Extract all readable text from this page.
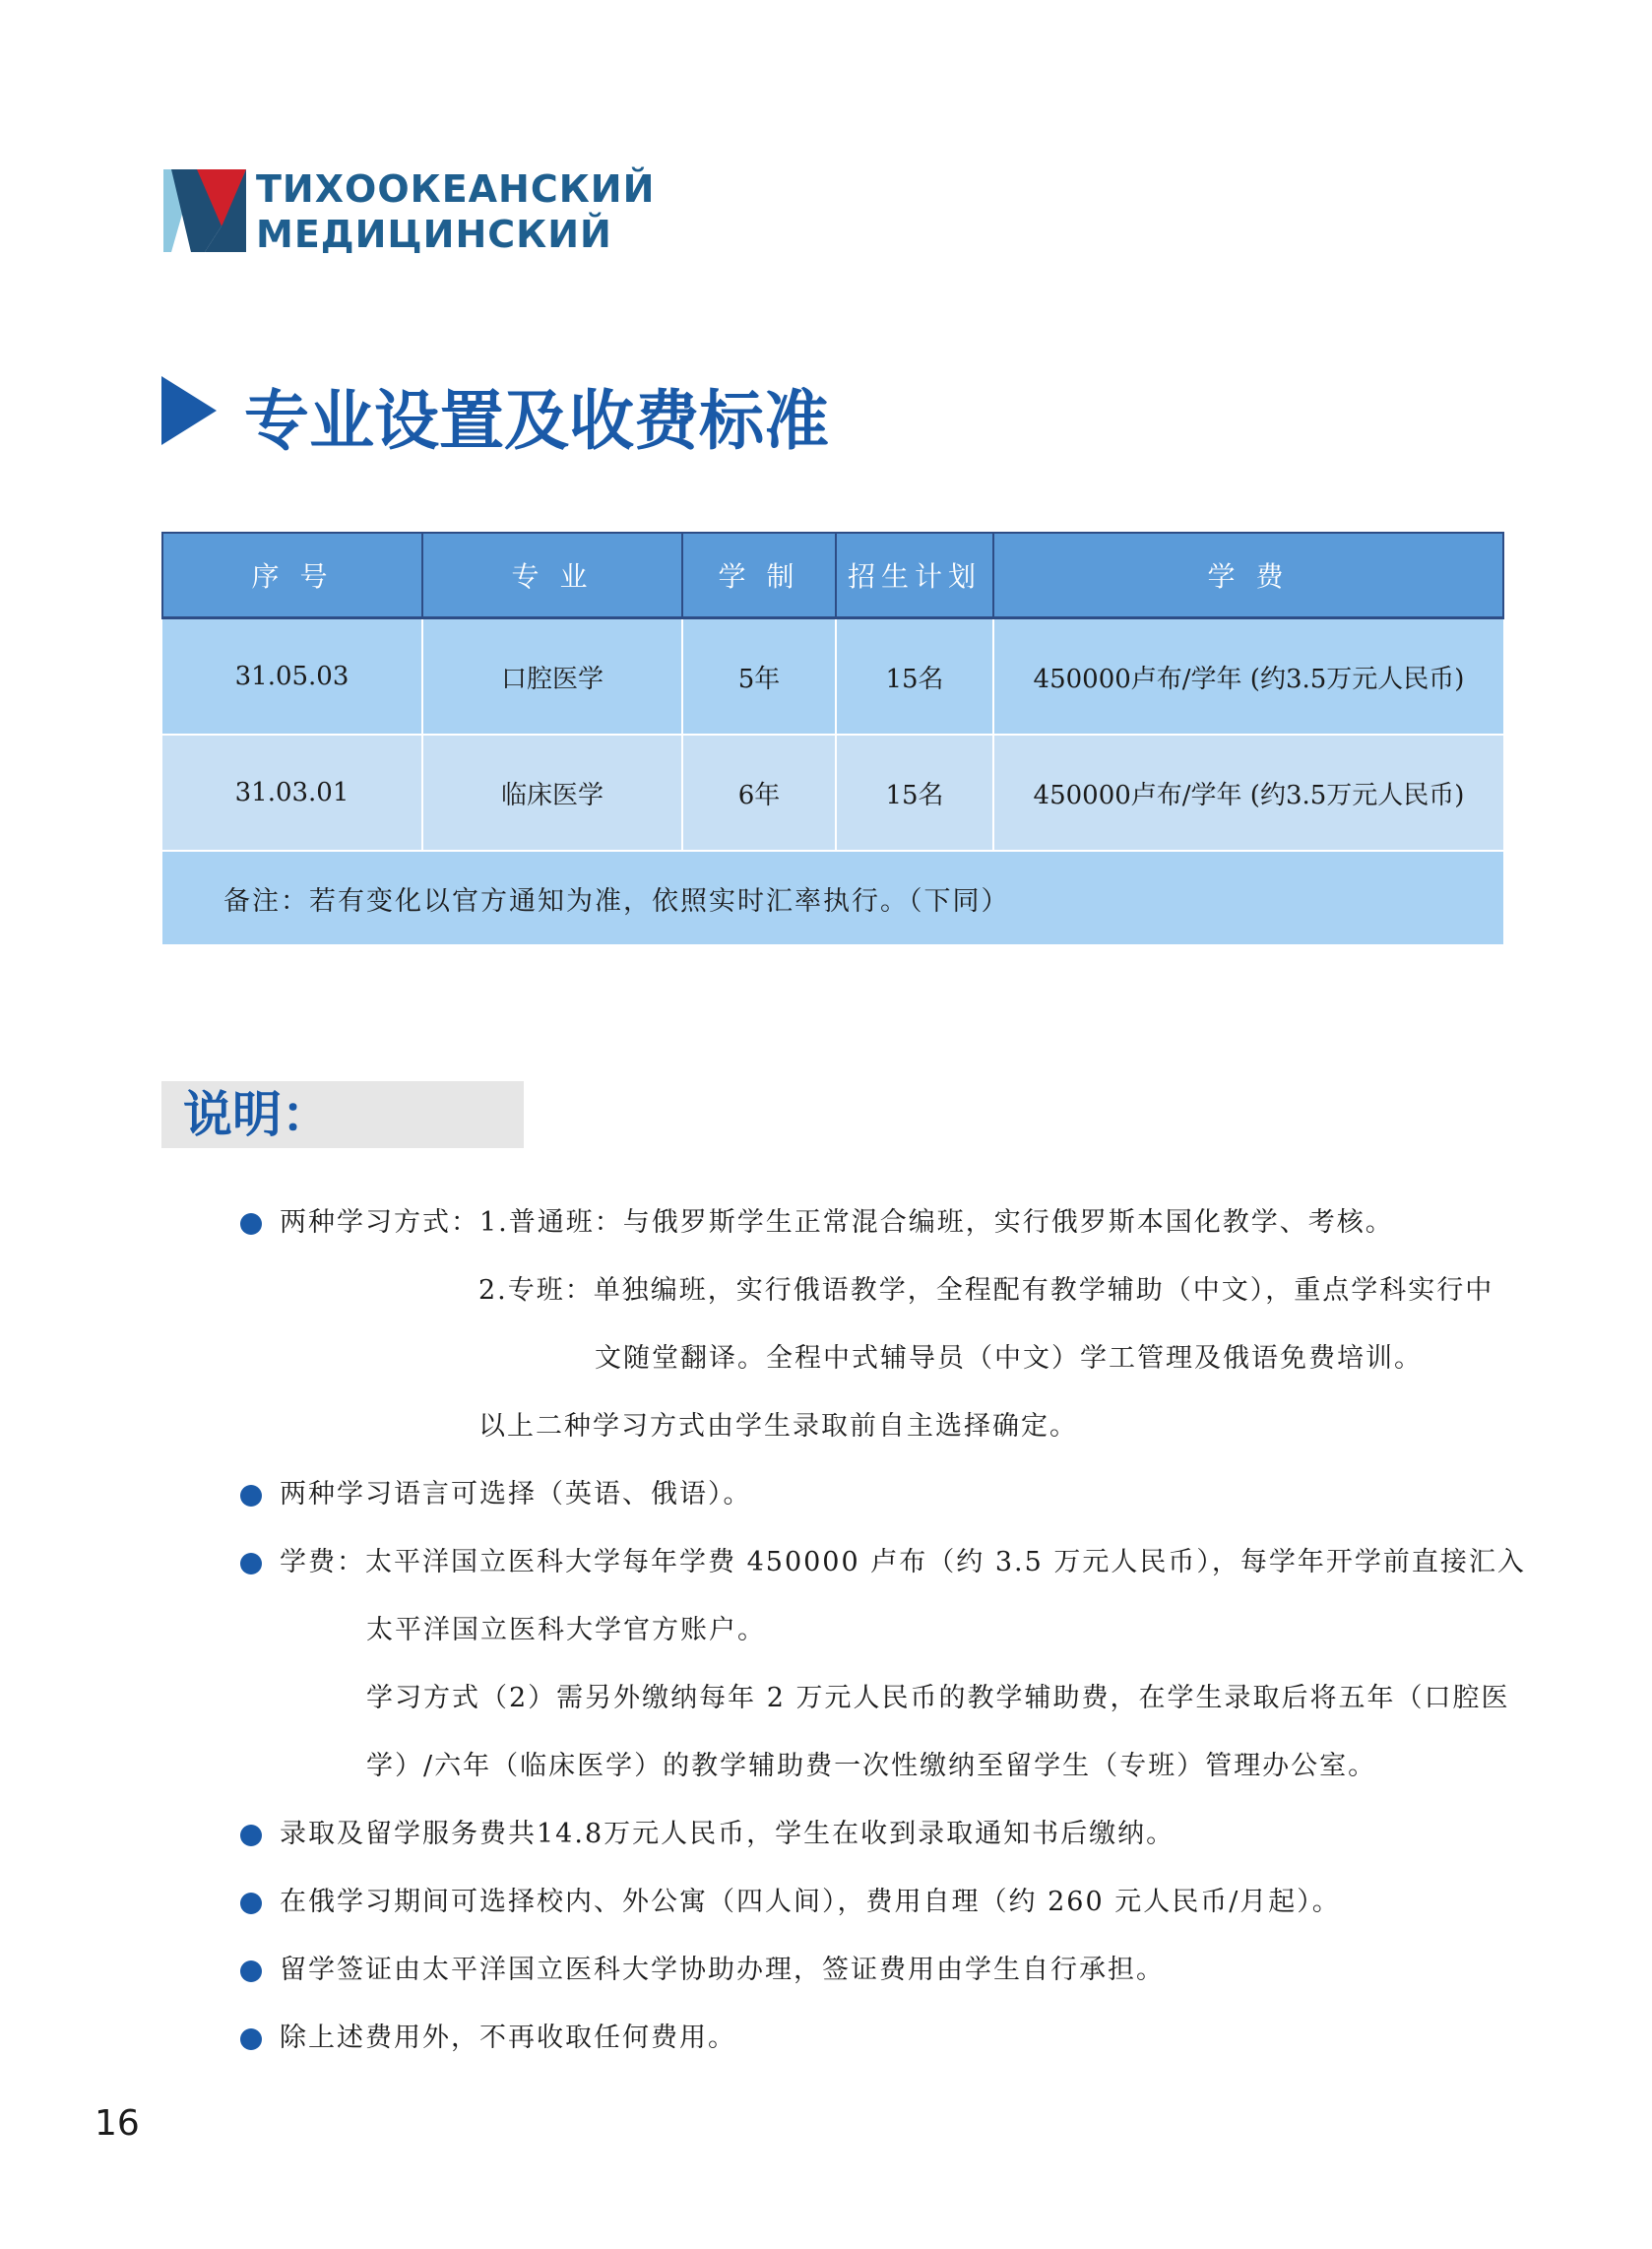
ТИХООКЕАНСКИЙ
МЕДИЦИНСКИЙ
专业设置及收费标准
序 号	专 业	学 制	招生计划	学 费
31.05.03	口腔医学	5年	15名	450000卢布/学年 (约3.5万元人民币)
31.03.01	临床医学	6年	15名	450000卢布/学年 (约3.5万元人民币)
备注：若有变化以官方通知为准，依照实时汇率执行。（下同）				
说明：
两种学习方式：1.普通班：与俄罗斯学生正常混合编班，实行俄罗斯本国化教学、考核。
2.专班：单独编班，实行俄语教学，全程配有教学辅助（中文），重点学科实行中
文随堂翻译。全程中式辅导员（中文）学工管理及俄语免费培训。
以上二种学习方式由学生录取前自主选择确定。
两种学习语言可选择（英语、俄语）。
学费：太平洋国立医科大学每年学费 450000 卢布（约 3.5 万元人民币），每学年开学前直接汇入
太平洋国立医科大学官方账户。
学习方式（2）需另外缴纳每年 2 万元人民币的教学辅助费，在学生录取后将五年（口腔医
学）/六年（临床医学）的教学辅助费一次性缴纳至留学生（专班）管理办公室。
录取及留学服务费共14.8万元人民币，学生在收到录取通知书后缴纳。
在俄学习期间可选择校内、外公寓（四人间），费用自理（约 260 元人民币/月起）。
留学签证由太平洋国立医科大学协助办理，签证费用由学生自行承担。
除上述费用外，不再收取任何费用。
16
